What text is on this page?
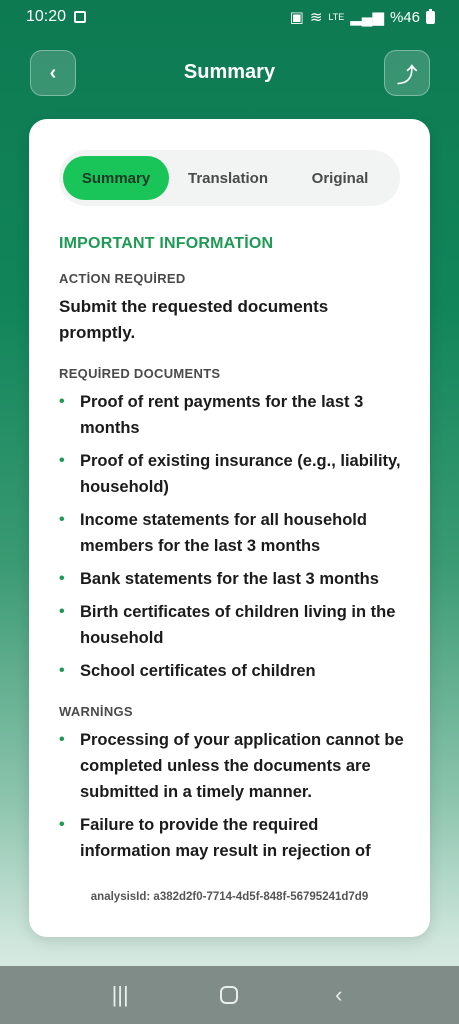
10:20	▣ ≋ LTE ▂▄▆ %46
‹	Summary	⤴
Summary	Translation	Original
IMPORTANT INFORMATİON
ACTİON REQUİRED
Submit the requested documents promptly.
REQUİRED DOCUMENTS
• Proof of rent payments for the last 3 months
• Proof of existing insurance (e.g., liability, household)
• Income statements for all household members for the last 3 months
• Bank statements for the last 3 months
• Birth certificates of children living in the household
• School certificates of children
WARNİNGS
• Processing of your application cannot be completed unless the documents are submitted in a timely manner.
• Failure to provide the required information may result in rejection of
analysisId: a382d2f0-7714-4d5f-848f-56795241d7d9
|||	‹
